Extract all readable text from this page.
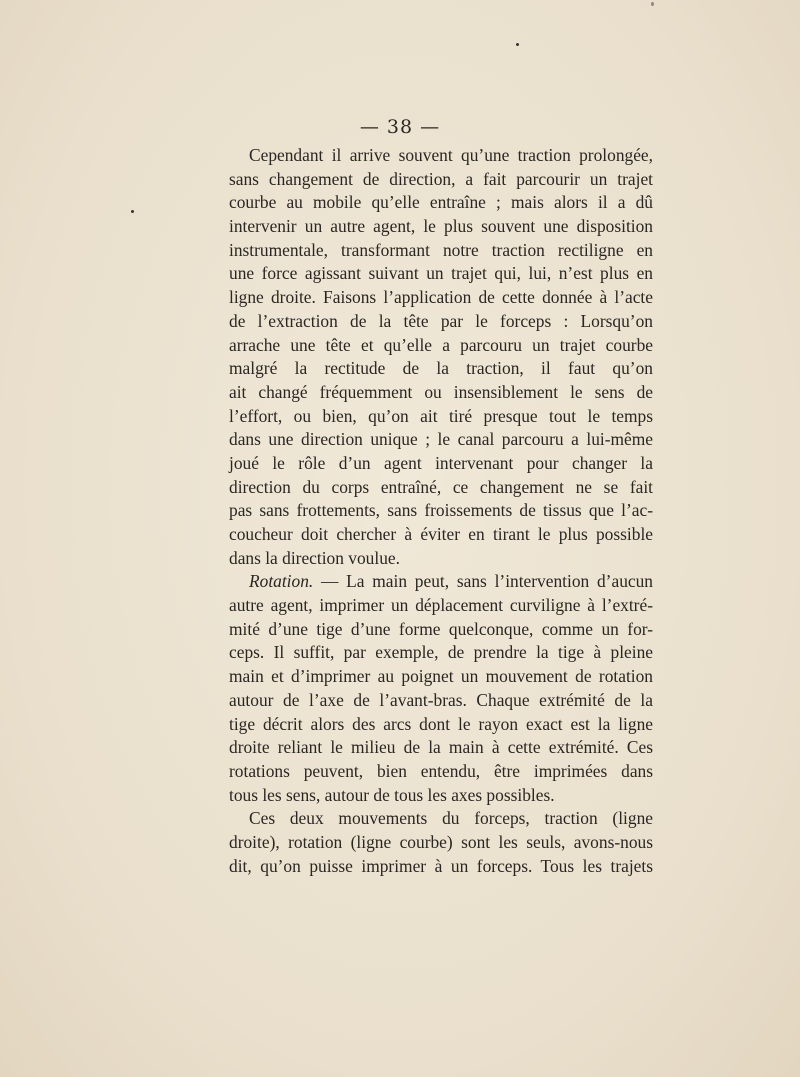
— 38 —
Cependant il arrive souvent qu’une traction prolongée,
sans changement de direction, a fait parcourir un trajet
courbe au mobile qu’elle entraîne ; mais alors il a dû
intervenir un autre agent, le plus souvent une disposition
instrumentale, transformant notre traction rectiligne en
une force agissant suivant un trajet qui, lui, n’est plus en
ligne droite. Faisons l’application de cette donnée à l’acte
de l’extraction de la tête par le forceps : Lorsqu’on
arrache une tête et qu’elle a parcouru un trajet courbe
malgré la rectitude de la traction, il faut qu’on
ait changé fréquemment ou insensiblement le sens de
l’effort, ou bien, qu’on ait tiré presque tout le temps
dans une direction unique ; le canal parcouru a lui-même
joué le rôle d’un agent intervenant pour changer la
direction du corps entraîné, ce changement ne se fait
pas sans frottements, sans froissements de tissus que l’ac-
coucheur doit chercher à éviter en tirant le plus possible
dans la direction voulue.
Rotation. — La main peut, sans l’intervention d’aucun
autre agent, imprimer un déplacement curviligne à l’extré-
mité d’une tige d’une forme quelconque, comme un for-
ceps. Il suffit, par exemple, de prendre la tige à pleine
main et d’imprimer au poignet un mouvement de rotation
autour de l’axe de l’avant-bras. Chaque extrémité de la
tige décrit alors des arcs dont le rayon exact est la ligne
droite reliant le milieu de la main à cette extrémité. Ces
rotations peuvent, bien entendu, être imprimées dans
tous les sens, autour de tous les axes possibles.
Ces deux mouvements du forceps, traction (ligne
droite), rotation (ligne courbe) sont les seuls, avons-nous
dit, qu’on puisse imprimer à un forceps. Tous les trajets
